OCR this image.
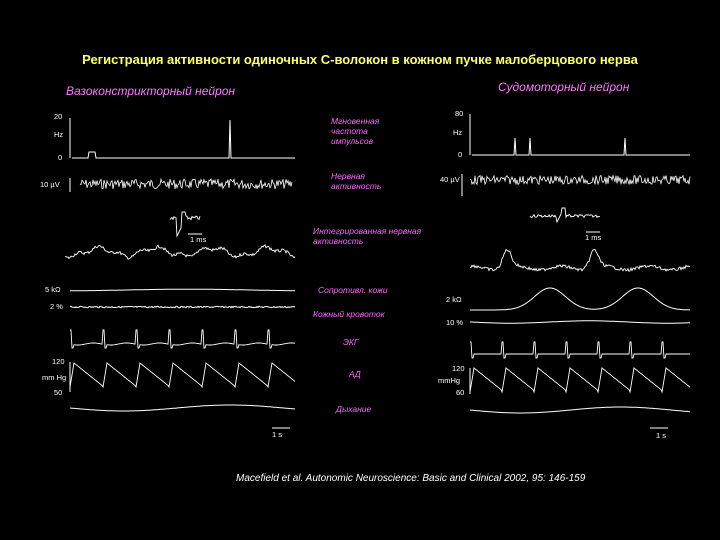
Регистрация активности одиночных С-волокон в кожном пучке малоберцового нерва
Вазоконстрикторный нейрон	Судомоторный нейрон
Мгновенная частота импульсов
Нервная активность
Интегрированная нервная активность
Сопротивл. кожи
Кожный кровоток
ЭКГ
АД
Дыхание
20
Hz
0
10 µV
1 ms
5 kΩ
2 %
120
mm Hg
50
1 s
80
Hz
0
40 µV
1 ms
2 kΩ
10 %
120
mmHg
60
1 s
Macefield et al. Autonomic Neuroscience: Basic and Clinical 2002, 95: 146-159
